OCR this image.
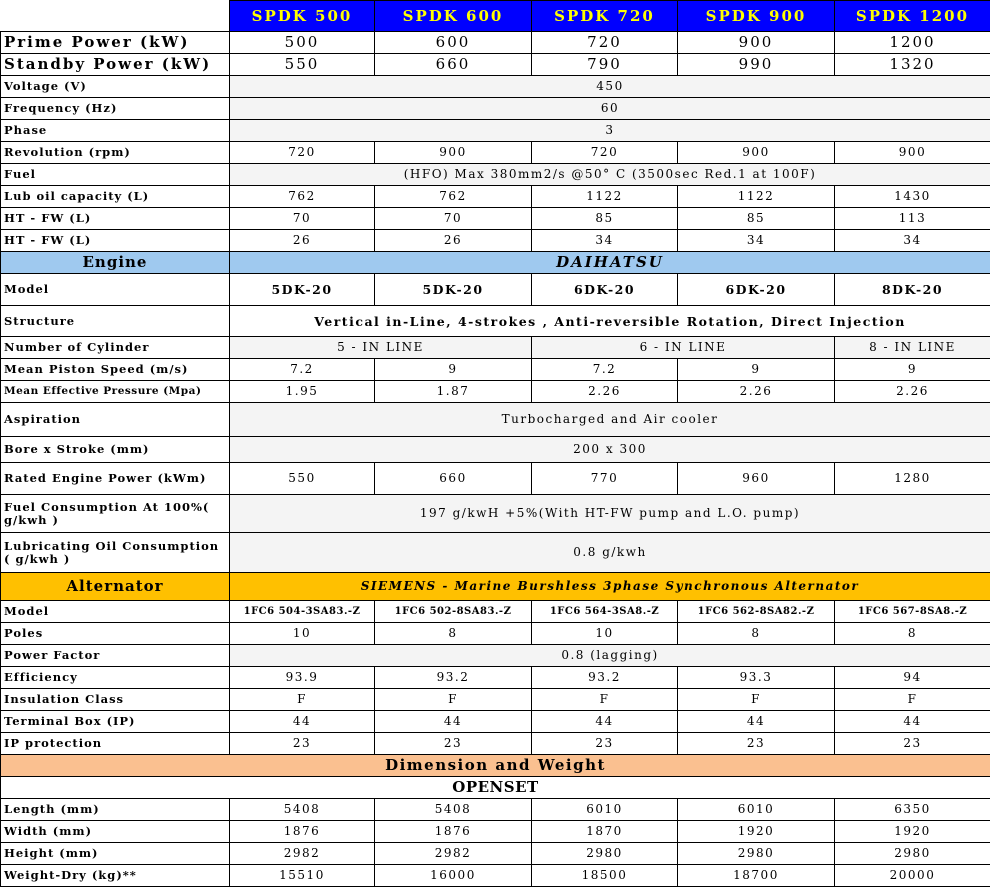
	SPDK 500	SPDK 600	SPDK 720	SPDK 900	SPDK 1200
Prime Power (kW)	500	600	720	900	1200
Standby Power (kW)	550	660	790	990	1320
Voltage (V)	450				
Frequency (Hz)	60				
Phase	3				
Revolution (rpm)	720	900	720	900	900
Fuel	(HFO) Max 380mm2/s @50° C (3500sec Red.1 at 100F)				
Lub oil capacity (L)	762	762	1122	1122	1430
HT - FW (L)	70	70	85	85	113
HT - FW (L)	26	26	34	34	34
Engine	DAIHATSU				
Model	5DK-20	5DK-20	6DK-20	6DK-20	8DK-20
Structure	Vertical in-Line, 4-strokes , Anti-reversible Rotation, Direct Injection				
Number of Cylinder	5 - IN LINE		6 - IN LINE		8 - IN LINE
Mean Piston Speed (m/s)	7.2	9	7.2	9	9
Mean Effective Pressure (Mpa)	1.95	1.87	2.26	2.26	2.26
Aspiration	Turbocharged and Air cooler				
Bore x Stroke (mm)	200 x 300				
Rated Engine Power (kWm)	550	660	770	960	1280
Fuel Consumption At 100%( g/kwh )	197 g/kwH +5%(With HT-FW pump and L.O. pump)				
Lubricating Oil Consumption ( g/kwh )	0.8 g/kwh				
Alternator	SIEMENS - Marine Burshless 3phase Synchronous Alternator				
Model	1FC6 504-3SA83.-Z	1FC6 502-8SA83.-Z	1FC6 564-3SA8.-Z	1FC6 562-8SA82.-Z	1FC6 567-8SA8.-Z
Poles	10	8	10	8	8
Power Factor	0.8 (lagging)				
Efficiency	93.9	93.2	93.2	93.3	94
Insulation Class	F	F	F	F	F
Terminal Box (IP)	44	44	44	44	44
IP protection	23	23	23	23	23
Dimension and Weight					
OPENSET					
Length (mm)	5408	5408	6010	6010	6350
Width (mm)	1876	1876	1870	1920	1920
Height (mm)	2982	2982	2980	2980	2980
Weight-Dry (kg)**	15510	16000	18500	18700	20000
